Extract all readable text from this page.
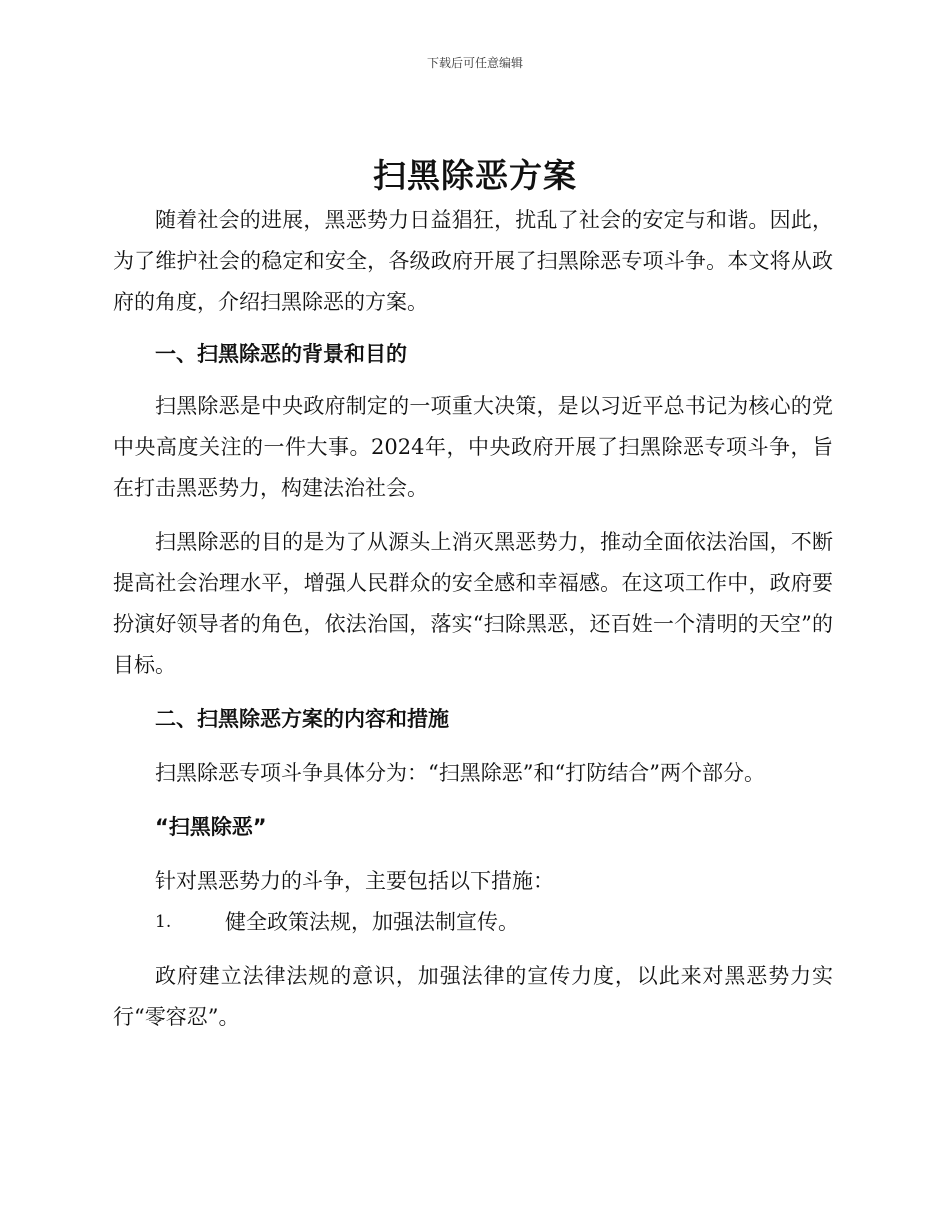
下载后可任意编辑
扫黑除恶方案

随着社会的进展，黑恶势力日益猖狂，扰乱了社会的安定与和谐。因此，为了维护社会的稳定和安全，各级政府开展了扫黑除恶专项斗争。本文将从政府的角度，介绍扫黑除恶的方案。

一、扫黑除恶的背景和目的

扫黑除恶是中央政府制定的一项重大决策，是以习近平总书记为核心的党中央高度关注的一件大事。2024年，中央政府开展了扫黑除恶专项斗争，旨在打击黑恶势力，构建法治社会。

扫黑除恶的目的是为了从源头上消灭黑恶势力，推动全面依法治国，不断提高社会治理水平，增强人民群众的安全感和幸福感。在这项工作中，政府要扮演好领导者的角色，依法治国，落实“扫除黑恶，还百姓一个清明的天空”的目标。

二、扫黑除恶方案的内容和措施

扫黑除恶专项斗争具体分为：“扫黑除恶”和“打防结合”两个部分。

“扫黑除恶”

针对黑恶势力的斗争，主要包括以下措施：

1.	健全政策法规，加强法制宣传。

政府建立法律法规的意识，加强法律的宣传力度，以此来对黑恶势力实行“零容忍”。
